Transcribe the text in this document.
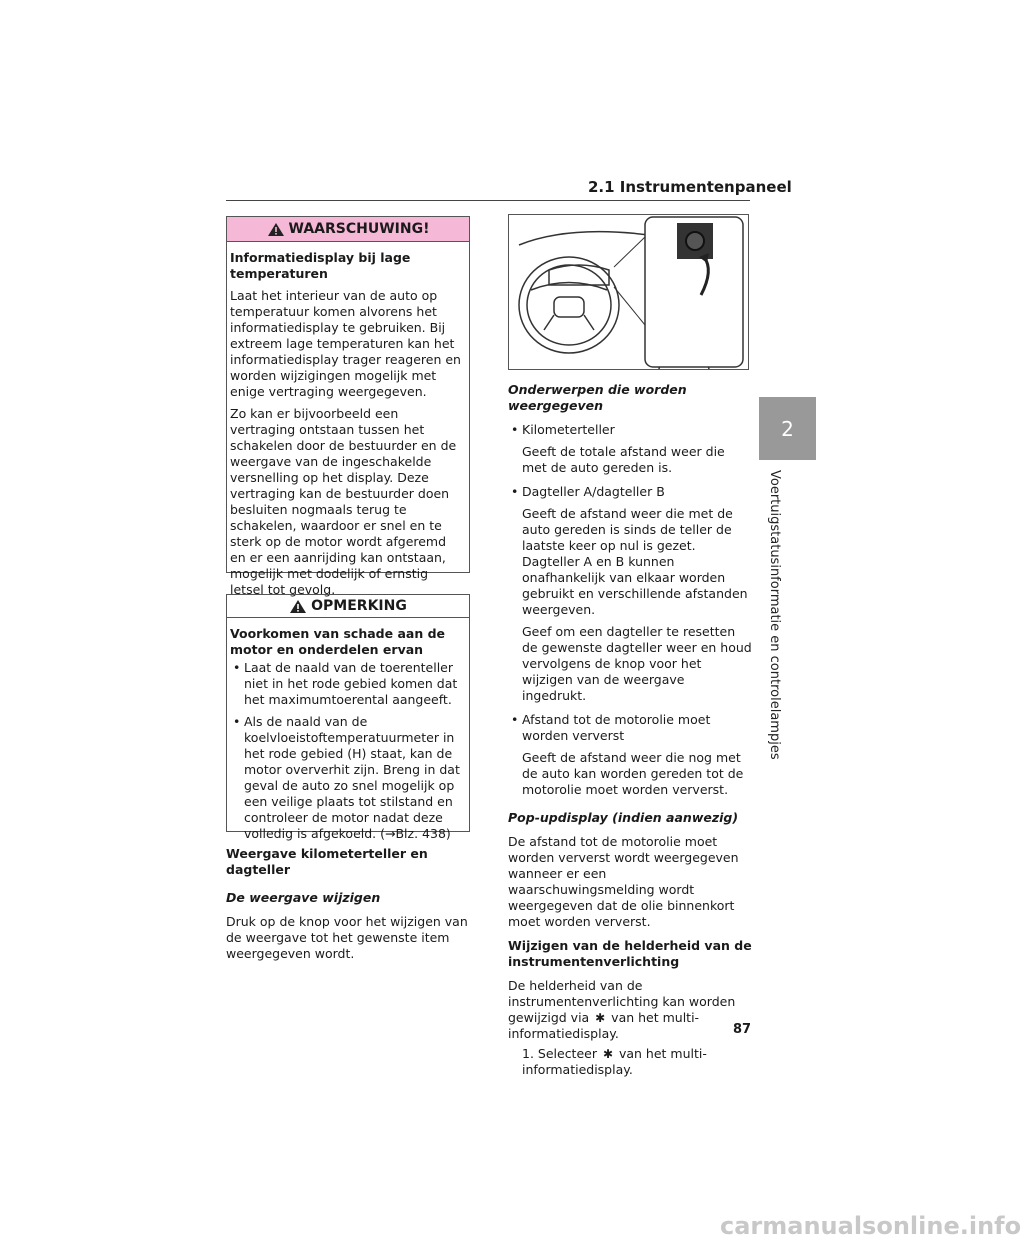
2.1 Instrumentenpaneel
2
Voertuigstatusinformatie en controlelampjes
WAARSCHUWING!

Informatiedisplay bij lage temperaturen

Laat het interieur van de auto op temperatuur komen alvorens het informatiedisplay te gebruiken. Bij extreem lage temperaturen kan het informatiedisplay trager reageren en worden wijzigingen mogelijk met enige vertraging weergegeven.

Zo kan er bijvoorbeeld een vertraging ontstaan tussen het schakelen door de bestuurder en de weergave van de ingeschakelde versnelling op het display. Deze vertraging kan de bestuurder doen besluiten nogmaals terug te schakelen, waardoor er snel en te sterk op de motor wordt afgeremd en er een aanrijding kan ontstaan, mogelijk met dodelijk of ernstig letsel tot gevolg.

OPMERKING

Voorkomen van schade aan de motor en onderdelen ervan

• Laat de naald van de toerenteller niet in het rode gebied komen dat het maximumtoerental aangeeft.

• Als de naald van de koelvloeistoftemperatuurmeter in het rode gebied (H) staat, kan de motor oververhit zijn. Breng in dat geval de auto zo snel mogelijk op een veilige plaats tot stilstand en controleer de motor nadat deze volledig is afgekoeld. (→Blz. 438)

Weergave kilometerteller en dagteller

De weergave wijzigen

Druk op de knop voor het wijzigen van de weergave tot het gewenste item weergegeven wordt.

Onderwerpen die worden weergegeven

• Kilometerteller

Geeft de totale afstand weer die met de auto gereden is.

• Dagteller A/dagteller B

Geeft de afstand weer die met de auto gereden is sinds de teller de laatste keer op nul is gezet. Dagteller A en B kunnen onafhankelijk van elkaar worden gebruikt en verschillende afstanden weergeven.

Geef om een dagteller te resetten de gewenste dagteller weer en houd vervolgens de knop voor het wijzigen van de weergave ingedrukt.

• Afstand tot de motorolie moet worden ververst

Geeft de afstand weer die nog met de auto kan worden gereden tot de motorolie moet worden ververst.

Pop-updisplay (indien aanwezig)

De afstand tot de motorolie moet worden ververst wordt weergegeven wanneer er een waarschuwingsmelding wordt weergegeven dat de olie binnenkort moet worden ververst.

Wijzigen van de helderheid van de instrumentenverlichting

De helderheid van de instrumentenverlichting kan worden gewijzigd via ✱ van het multi-informatiedisplay.

1. Selecteer ✱ van het multi-informatiedisplay.

87
carmanualsonline.info
